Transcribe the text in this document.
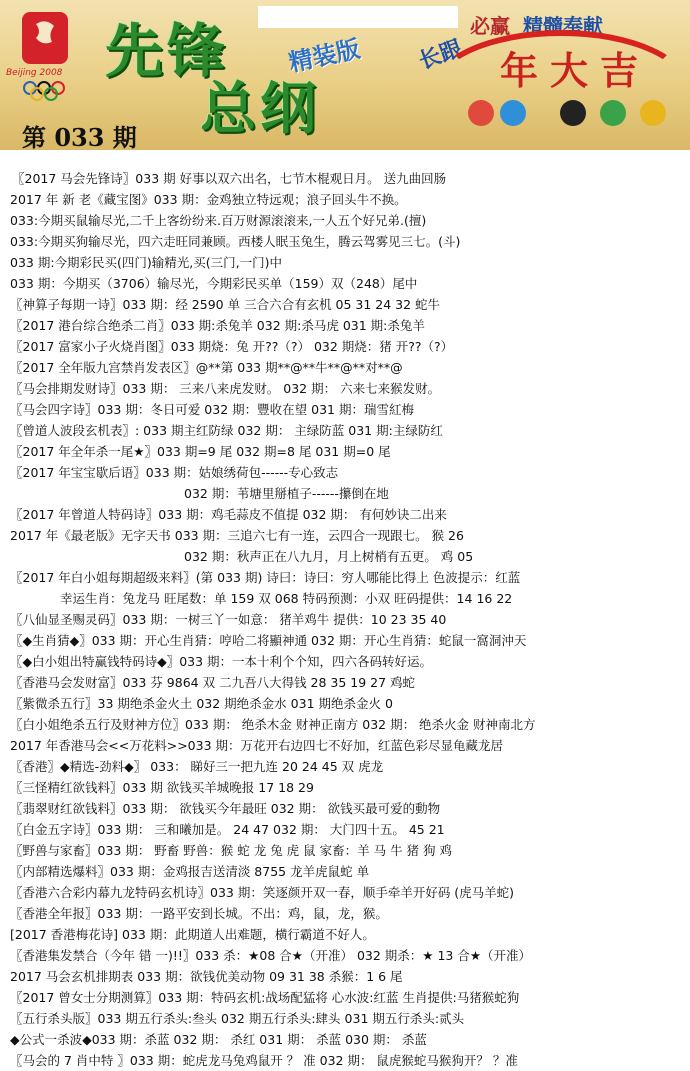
Beijing 2008 先锋
总纲
精装版
必赢 精髓奉献
长跟 年大吉
第 033 期
〖2017 马会先锋诗〗033 期 好事以双六出名，七节木棍观日月。 送九曲回肠
2017 年 新 老《藏宝图》033 期：金鸡独立特远观；浪子回头牛不换。
033:今期买鼠输尽光,二千上客纷纷来.百万财源滚滚来,一人五个好兄弟.(擅)
033:今期买狗输尽光，四六走旺同兼顾。西楼人眠玉兔生，腾云驾雾见三七。(斗)
033 期:今期彩民买(四门)输精光,买(三门,一门)中
033 期：今期买（3706）输尽光，今期彩民买单（159）双（248）尾中
〖神算子每期一诗〗033 期：经 2590 单 三合六合有玄机 05 31 24 32 蛇牛
〖2017 港台综合绝杀二肖〗033 期:杀兔羊 032 期:杀马虎 031 期:杀兔羊
〖2017 富家小子火烧肖图〗033 期烧：兔 开??（?） 032 期烧：猪 开??（?）
〖2017 全年版九宫禁肖发表区〗@**第 033 期**@**牛**@**对**@
〖马会排期发财诗〗033 期： 三来八来虎发财。 032 期： 六来七来猴发财。
〖马会四字诗〗033 期：冬日可爱 032 期：豐收在望 031 期：瑞雪紅梅
〖曾道人波段玄机表〗: 033 期主红防绿 032 期： 主绿防蓝 031 期:主绿防红
〖2017 年全年杀一尾★〗033 期=9 尾 032 期=8 尾 031 期=0 尾
〖2017 年宝宝歇后语〗033 期：姑娘绣荷包------专心致志
032 期：苇塘里掰植子------攥倒在地
〖2017 年曾道人特码诗〗033 期：鸡毛蒜皮不值提 032 期： 有何妙诀二出来
2017 年《最老版》无字天书 033 期：三追六七有一连，云四合一现跟七。 猴 26
032 期：秋声正在八九月，月上树梢有五更。 鸡 05
〖2017 年白小姐每期超级来料〗(第 033 期) 诗曰：诗曰：穷人哪能比得上 色波提示：红蓝
幸运生肖：兔龙马 旺尾数：单 159 双 068 特码预测：小双 旺码提供：14 16 22
〖八仙显圣赐灵码〗033 期：一树三丫一如意： 猪羊鸡牛 提供：10 23 35 40
〖◆生肖猜◆〗033 期：开心生肖猜：哼哈二将顯神通 032 期：开心生肖猜：蛇鼠一窩洞沖天
〖◆白小姐出特赢钱特码诗◆〗033 期：一本十利个个知，四六各码转好运。
〖香港马会发财富〗033 芬 9864 双 二九吾八大得钱 28 35 19 27 鸡蛇
〖紫微杀五行〗33 期绝杀金火土 032 期绝杀金水 031 期绝杀金火 0
〖白小姐绝杀五行及财神方位〗033 期： 绝杀木金 财神正南方 032 期： 绝杀火金 财神南北方
2017 年香港马会<<万花料>>033 期：万花开右边四七不好加，红蓝色彩尽显龟藏龙居
〖香港〗◆精选-劲料◆〗 033： 睇好三一把九连 20 24 45 双 虎龙
〖三怪精红欲钱料〗033 期 欲钱买羊城晚报 17 18 29
〖翡翠财红欲钱料〗033 期： 欲钱买今年最旺 032 期： 欲钱买最可爱的動物
〖白金五字诗〗033 期： 三和曦加是。 24 47 032 期： 大门四十五。 45 21
〖野兽与家畜〗033 期： 野畜 野兽：猴 蛇 龙 兔 虎 鼠 家畜：羊 马 牛 猪 狗 鸡
〖内部精选爆料〗033 期：金鸡报吉送清淡 8755 龙羊虎鼠蛇 单
〖香港六合彩内幕九龙特码玄机诗〗033 期：笑逐颜开双一春，顺手牵羊开好码 (虎马羊蛇)
〖香港全年报〗033 期：一路平安到长城。不出：鸡，鼠，龙，猴。
[2017 香港梅花诗] 033 期：此期道人出难题，横行霸道不好人。
〖香港集发禁合（今年 错 一)!!〗033 杀：★08 合★（开准） 032 期杀：★ 13 合★（开准）
2017 马会玄机排期表 033 期：欲钱优美动物 09 31 38 杀猴：1 6 尾
〖2017 曾女士分期测算〗033 期：特码玄机:战场配猛将 心水波:红蓝 生肖提供:马猪猴蛇狗
〖五行杀头版〗033 期五行杀头:叁头 032 期五行杀头:肆头 031 期五行杀头:贰头
◆公式一杀波◆033 期：杀蓝 032 期： 杀红 031 期： 杀蓝 030 期： 杀蓝
〖马会的 7 肖中特 〗033 期：蛇虎龙马兔鸡鼠开 ？ 准 032 期： 鼠虎猴蛇马猴狗开？ ？准
